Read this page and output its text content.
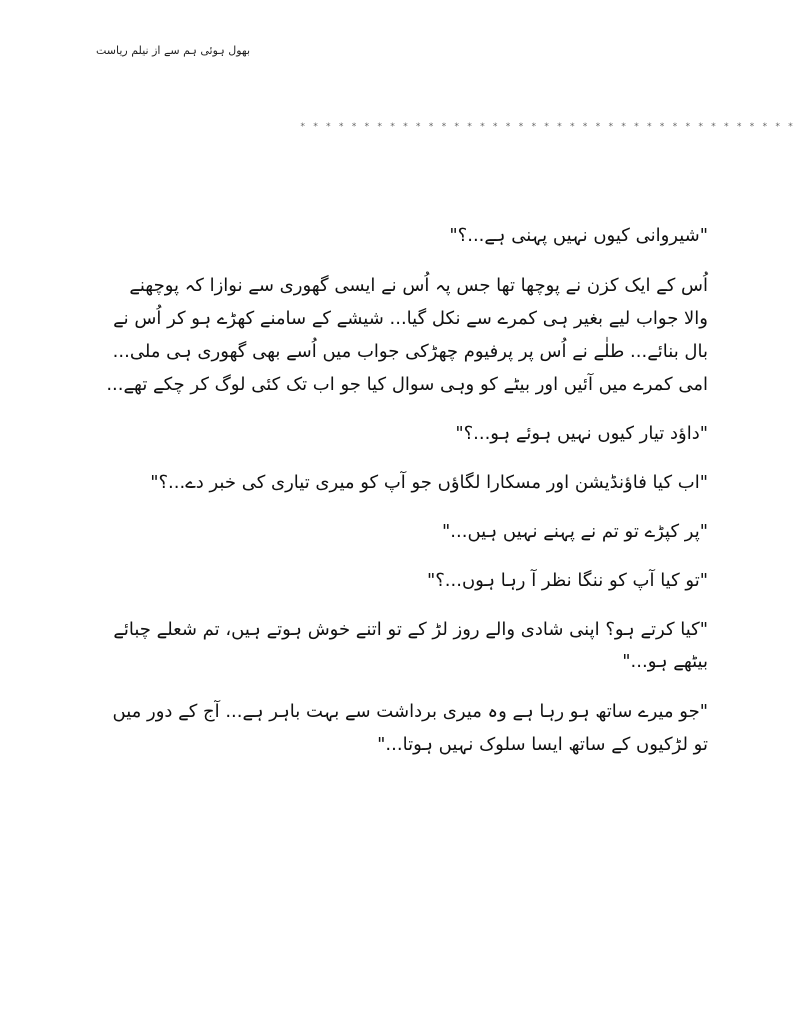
بھول ہوئی ہم سے از نیلم ریاست
* * * * * * * * * * * * * * * * * * * * * * * * * * * * * * * * * * * * * * *

"شیروانی کیوں نہیں پہنی ہے...؟"

اُس کے ایک کزن نے پوچھا تھا جس پہ اُس نے ایسی گھوری سے نوازا کہ پوچھنے والا جواب لیے بغیر ہی کمرے سے نکل گیا... شیشے کے سامنے کھڑے ہو کر اُس نے بال بنائے... طلٰے نے اُس پر پرفیوم چھڑکی جواب میں اُسے بھی گھوری ہی ملی... امی کمرے میں آئیں اور بیٹے کو وہی سوال کیا جو اب تک کئی لوگ کر چکے تھے...

"داؤد تیار کیوں نہیں ہوئے ہو...؟"

"اب کیا فاؤنڈیشن اور مسکارا لگاؤں جو آپ کو میری تیاری کی خبر دے...؟"

"پر کپڑے تو تم نے پہنے نہیں ہیں..."

"تو کیا آپ کو ننگا نظر آ رہا ہوں...؟"

"کیا کرتے ہو؟ اپنی شادی والے روز لڑ کے تو اتنے خوش ہوتے ہیں، تم شعلے چبائے بیٹھے ہو..."

"جو میرے ساتھ ہو رہا ہے وہ میری برداشت سے بہت باہر ہے... آج کے دور میں تو لڑکیوں کے ساتھ ایسا سلوک نہیں ہوتا..."
